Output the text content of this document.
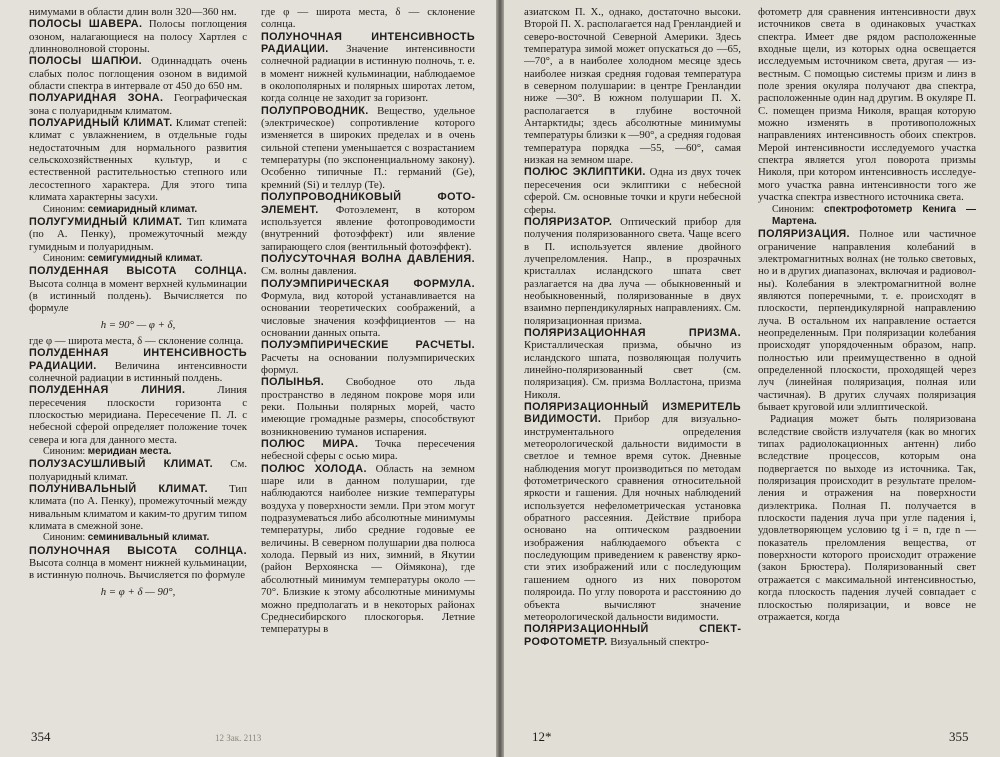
нимумами в области длин волн 320—360 нм.

ПОЛОСЫ ШАВЕРА. Полосы поглощения озоном, налагающиеся на полосу Хартлея с длинноволновой стороны.

ПОЛОСЫ ШАПЮИ. Одиннадцать очень слабых полос поглощения озоном в видимой области спектра в интервале от 450 до 650 нм.

ПОЛУАРИДНАЯ ЗОНА. Географическая зона с полуаридным климатом.

ПОЛУАРИДНЫЙ КЛИМАТ. Климат степей: климат с увлажнением, в отдельные годы недостаточным для нормального развития сельскохозяйственных культур, и с естественной растительностью степного или лесостепного характера. Для этого типа климата характерны засухи.

Синоним: семиаридный климат.

ПОЛУГУМИДНЫЙ КЛИМАТ. Тип климата (по А. Пенку), промежуточный между гумидным и полуаридным.

Синоним: семигумидный климат.

ПОЛУДЕННАЯ ВЫСОТА СОЛНЦА. Высота солнца в момент верхней кульминации (в истинный полдень). Вычисляется по формуле

h = 90° — φ + δ,

где φ — широта места, δ — склонение солнца.

ПОЛУДЕННАЯ ИНТЕНСИВНОСТЬ РАДИАЦИИ. Величина интенсивности солнечной радиации в истинный полдень.

ПОЛУДЕННАЯ ЛИНИЯ.	Линия пересечения плоскости горизонта с плоскостью меридиана. Пересечение П. Л. с небесной сферой определяет положение точек севера и юга для данного места.

Синоним: меридиан места.

ПОЛУЗАСУШЛИВЫЙ КЛИМАТ. См. полуаридный климат.

ПОЛУНИВАЛЬНЫЙ КЛИМАТ. Тип климата (по А. Пенку), промежуточный между нивальным климатом и каким-то другим типом климата в смежной зоне.

Синоним: семинивальный климат.

ПОЛУНОЧНАЯ ВЫСОТА СОЛНЦА. Высота солнца в момент нижней кульминации, в истинную полночь. Вычисляется по формуле

h = φ + δ — 90°,

где φ — широта места, δ — склонение солнца.

ПОЛУНОЧНАЯ ИНТЕНСИВНОСТЬ РАДИАЦИИ. Значение интенсивности солнечной радиации в истинную полночь, т. е. в момент нижней кульминации, наблюдаемое в околополярных и полярных широтах летом, когда солнце не заходит за горизонт.

ПОЛУПРОВОДНИК. Вещество, удельное (электрическое) сопротивление которого изменяется в широких пределах и в очень сильной степени уменьшается с возрастанием температуры (по экспоненциальному закону). Особенно типичные П.: германий (Ge), кремний (Si) и теллур (Te).

ПОЛУПРОВОДНИКОВЫЙ ФОТОЭЛЕМЕНТ. Фотоэлемент, в котором используется явление фотопроводимости (внутренний фотоэффект) или явление запирающего слоя (вентильный фотоэффект).

ПОЛУСУТОЧНАЯ ВОЛНА ДАВЛЕНИЯ. См. волны давления.

ПОЛУЭМПИРИЧЕСКАЯ ФОРМУЛА. Формула, вид которой устанавливается на основании теоретических соображений, а числовые значения коэффициентов — на основании данных опыта.

ПОЛУЭМПИРИЧЕСКИЕ РАСЧЕТЫ. Расчеты на основании полуэмпирических формул.

ПОЛЫНЬЯ. Свободное ото льда пространство в ледяном покрове моря или реки. Полыньи полярных морей, часто имеющие громадные размеры, способствуют возникновению туманов испарения.

ПОЛЮС МИРА. Точка пересечения небесной сферы с осью мира.

ПОЛЮС ХОЛОДА. Область на земном шаре или в данном полушарии, где наблюдаются наиболее низкие температуры воздуха у поверхности земли. При этом могут подразумеваться либо абсолютные минимумы температуры, либо средние годовые ее величины. В северном полушарии два полюса холода. Первый из них, зимний, в Якутии (район Верхоянска — Оймякона), где абсолютный минимум температуры около —70°. Близкие к этому абсолютные минимумы можно предполагать и в некоторых районах Среднесибирского плоскогорья. Летние температуры в

354	12 Зак. 2113

азиатском П. Х., однако, достаточно высоки. Второй П. Х. располагается над Гренландией и северо-восточной Северной Америки. Здесь температура зимой может опускаться до —65, —70°, а в наиболее холодном месяце здесь наиболее низкая средняя годовая температура в северном полушарии: в центре Гренландии ниже —30°. В южном полушарии П. Х. располагается в глубине восточной Антарктиды; здесь абсолютные минимумы температуры близки к —90°, а средняя годовая температура порядка —55, —60°, самая низкая на земном шаре.

ПОЛЮС ЭКЛИПТИКИ. Одна из двух точек пересечения оси эклиптики с небесной сферой. См. основные точки и круги небесной сферы.

ПОЛЯРИЗАТОР. Оптический прибор для получения поляризованного света. Чаще всего в П. используется явление двойного лучепреломления. Напр., в прозрачных кристаллах исландского шпата свет разлагается на два луча — обыкновенный и необыкновенный, поляризованные в двух взаимно перпендикулярных направлениях. См. поляризационная призма.

ПОЛЯРИЗАЦИОННАЯ ПРИЗМА. Кристаллическая призма, обычно из исландского шпата, позволяющая получить линейно-поляризованный свет (см. поляризация). См. призма Волластона, призма Николя.

ПОЛЯРИЗАЦИОННЫЙ ИЗМЕРИТЕЛЬ ВИДИМОСТИ. Прибор для визуально-инструментального определения метеорологической дальности видимости в светлое и темное время суток. Дневные наблюдения могут производиться по методам фотометрического сравнения относительной яркости и гашения. Для ночных наблюдений используется нефелометрическая установка обратного рассеяния. Действие прибора основано на оптическом раздвоении изображения наблюдаемого объекта с последующим приведением к равенству яркости этих изображений или с последующим гашением одного из них поворотом поляроида. По углу поворота и расстоянию до объекта вычисляют значение метеорологической дальности видимости.

ПОЛЯРИЗАЦИОННЫЙ СПЕКТРОФОТОМЕТР. Визуальный спектро-

фотометр для сравнения интенсивности двух источников света в одинаковых участках спектра. Имеет две рядом расположенные входные щели, из которых одна освещается исследуемым источником света, другая — известным. С помощью системы призм и линз в поле зрения окуляра получают два спектра, расположенные один над другим. В окуляре П. С. помещен призма Николя, вращая которую можно изменять в противоположных направлениях интенсивность обоих спектров. Мерой интенсивности исследуемого участка спектра является угол поворота призмы Николя, при котором интенсивность исследуемого участка равна интенсивности того же участка спектра известного источника света.

Синоним: спектрофотометр Кенига — Мартена.

ПОЛЯРИЗАЦИЯ. Полное или частичное ограничение направления колебаний в электромагнитных волнах (не только световых, но и в других диапазонах, включая и радиоволны). Колебания в электромагнитной волне являются поперечными, т. е. происходят в плоскости, перпендикулярной направлению луча. В остальном их направление остается неопределенным. При поляризации колебания происходят упорядоченным образом, напр. полностью или преимущественно в одной определенной плоскости, проходящей через луч (линейная поляризация, полная или частичная). В других случаях поляризация бывает круговой или эллиптической.

Радиация может быть поляризована вследствие свойств излучателя (как во многих типах радиолокационных антенн) либо вследствие процессов, которым она подвергается по выходе из источника. Так, поляризация происходит в результате преломления и отражения на поверхности диэлектрика. Полная П. получается в плоскости падения луча при угле падения i, удовлетворяющем условию tg i = n, где n — показатель преломления вещества, от поверхности которого происходит отражение (закон Брюстера). Поляризованный свет отражается с максимальной интенсивностью, когда плоскость падения лучей совпадает с плоскостью поляризации, и вовсе не отражается, когда

12*	355
